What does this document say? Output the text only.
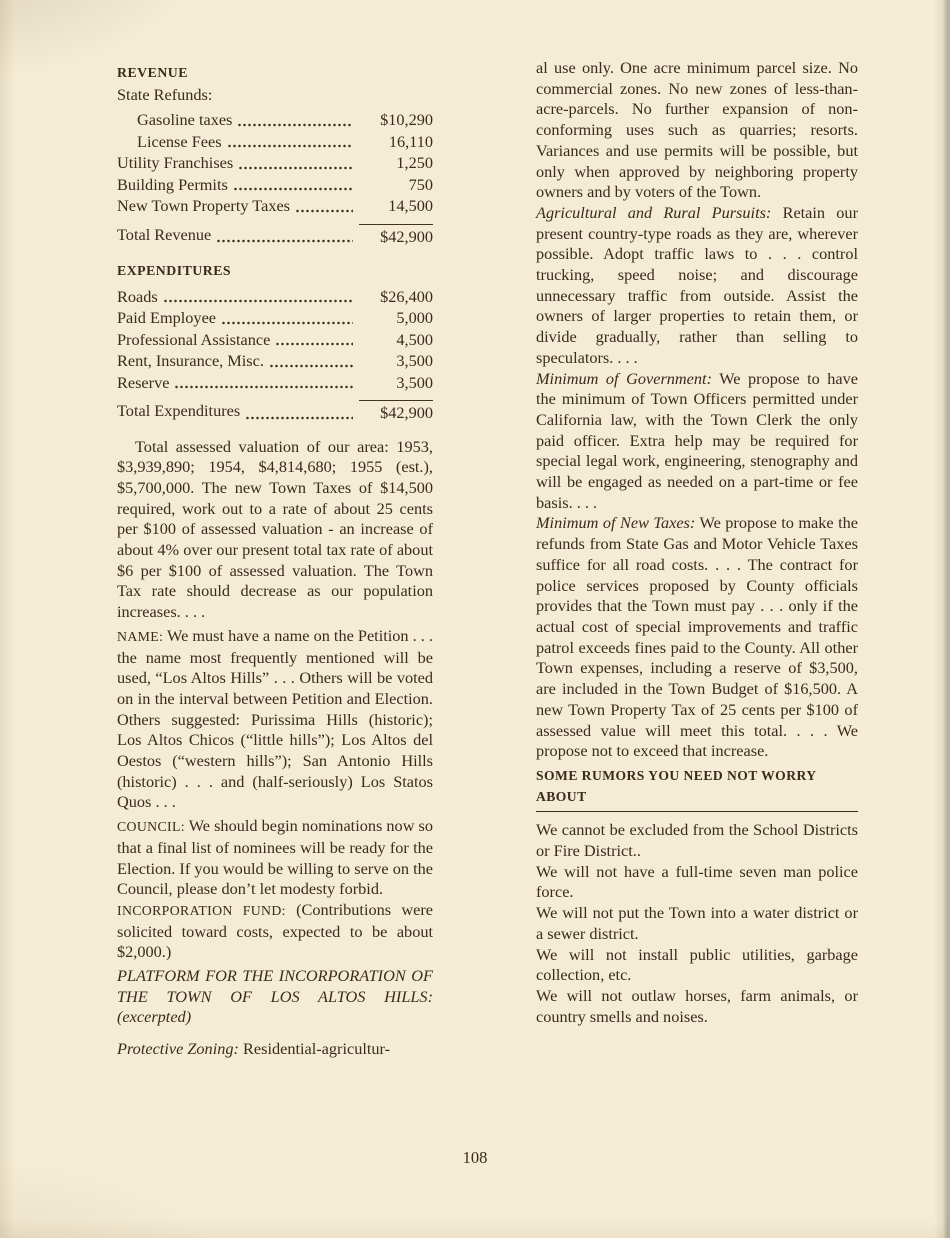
REVENUE
State Refunds:
Gasoline taxes	$10,290
License Fees	16,110
Utility Franchises	1,250
Building Permits	750
New Town Property Taxes	14,500
Total Revenue	$42,900
EXPENDITURES
Roads	$26,400
Paid Employee	5,000
Professional Assistance	4,500
Rent, Insurance, Misc.	3,500
Reserve	3,500
Total Expenditures	$42,900

Total assessed valuation of our area: 1953, $3,939,890; 1954, $4,814,680; 1955 (est.), $5,700,000. The new Town Taxes of $14,500 required, work out to a rate of about 25 cents per $100 of assessed valuation - an increase of about 4% over our present total tax rate of about $6 per $100 of assessed valuation. The Town Tax rate should decrease as our population increases. . . .

NAME: We must have a name on the Petition . . . the name most frequently mentioned will be used, “Los Altos Hills” . . . Others will be voted on in the interval between Petition and Election. Others suggested: Purissima Hills (historic); Los Altos Chicos (“little hills”); Los Altos del Oestos (“western hills”); San Antonio Hills (historic) . . . and (half-seriously) Los Statos Quos . . .

COUNCIL: We should begin nominations now so that a final list of nominees will be ready for the Election. If you would be willing to serve on the Council, please don’t let modesty forbid.

INCORPORATION FUND: (Contributions were solicited toward costs, expected to be about $2,000.)

PLATFORM FOR THE INCORPORATION OF THE TOWN OF LOS ALTOS HILLS: (excerpted)

Protective Zoning: Residential-agricultur-

al use only. One acre minimum parcel size. No commercial zones. No new zones of less-than-acre-parcels. No further expansion of non-conforming uses such as quarries; resorts. Variances and use permits will be possible, but only when approved by neighboring property owners and by voters of the Town.

Agricultural and Rural Pursuits: Retain our present country-type roads as they are, wherever possible. Adopt traffic laws to . . . control trucking, speed noise; and discourage unnecessary traffic from outside. Assist the owners of larger properties to retain them, or divide gradually, rather than selling to speculators. . . .

Minimum of Government: We propose to have the minimum of Town Officers permitted under California law, with the Town Clerk the only paid officer. Extra help may be required for special legal work, engineering, stenography and will be engaged as needed on a part-time or fee basis. . . .

Minimum of New Taxes: We propose to make the refunds from State Gas and Motor Vehicle Taxes suffice for all road costs. . . . The contract for police services proposed by County officials provides that the Town must pay . . . only if the actual cost of special improvements and traffic patrol exceeds fines paid to the County. All other Town expenses, including a reserve of $3,500, are included in the Town Budget of $16,500. A new Town Property Tax of 25 cents per $100 of assessed value will meet this total. . . . We propose not to exceed that increase.

SOME RUMORS YOU NEED NOT WORRY ABOUT

We cannot be excluded from the School Districts or Fire District..

We will not have a full-time seven man police force.

We will not put the Town into a water district or a sewer district.

We will not install public utilities, garbage collection, etc.

We will not outlaw horses, farm animals, or country smells and noises.

108
